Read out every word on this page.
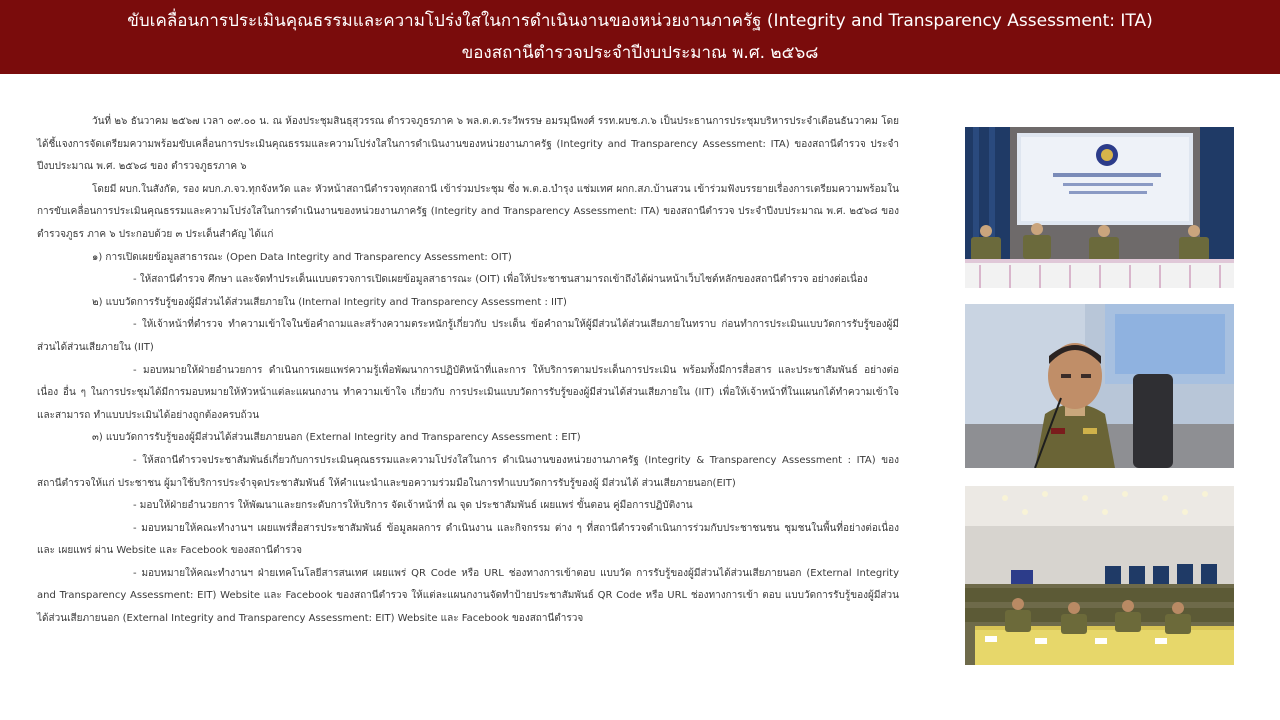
ขับเคลื่อนการประเมินคุณธรรมและความโปร่งใสในการดำเนินงานของหน่วยงานภาครัฐ (Integrity and Transparency Assessment: ITA)
ของสถานีตำรวจประจำปีงบประมาณ พ.ศ. ๒๕๖๘

วันที่ ๒๖ ธันวาคม ๒๕๖๗ เวลา ๐๙.๐๐ น. ณ ห้องประชุมสินธุสุวรรณ ตำรวจภูธรภาค ๖ พล.ต.ต.ระวีพรรษ อมรมุนีพงศ์ รรท.ผบช.ภ.๖ เป็นประธานการประชุมบริหารประจำเดือนธันวาคม โดยได้ชี้แจงการจัดเตรียมความพร้อมขับเคลื่อนการประเมินคุณธรรมและความโปร่งใสในการดำเนินงานของหน่วยงานภาครัฐ (Integrity and Transparency Assessment: ITA) ของสถานีตำรวจ ประจำปีงบประมาณ พ.ศ. ๒๕๖๘ ของ ตำรวจภูธรภาค ๖

โดยมี ผบก.ในสังกัด, รอง ผบก.ภ.จว.ทุกจังหวัด และ หัวหน้าสถานีตำรวจทุกสถานี เข้าร่วมประชุม ซึ่ง พ.ต.อ.บำรุง แช่มเทศ ผกก.สภ.บ้านสวน เข้าร่วมฟังบรรยายเรื่องการเตรียมความพร้อมในการขับเคลื่อนการประเมินคุณธรรมและความโปร่งใสในการดำเนินงานของหน่วยงานภาครัฐ (Integrity and Transparency Assessment: ITA) ของสถานีตำรวจ ประจำปีงบประมาณ พ.ศ. ๒๕๖๘ ของตำรวจภูธร ภาค ๖ ประกอบด้วย ๓ ประเด็นสำคัญ ได้แก่

๑) การเปิดเผยข้อมูลสาธารณะ (Open Data Integrity and Transparency Assessment: OIT)

- ให้สถานีตำรวจ ศึกษา และจัดทำประเด็นแบบตรวจการเปิดเผยข้อมูลสาธารณะ (OIT) เพื่อให้ประชาชนสามารถเข้าถึงได้ผ่านหน้าเว็บไซต์หลักของสถานีตำรวจ อย่างต่อเนื่อง

๒) แบบวัดการรับรู้ของผู้มีส่วนได้ส่วนเสียภายใน (Internal Integrity and Transparency Assessment : IIT)

- ให้เจ้าหน้าที่ตำรวจ ทำความเข้าใจในข้อคำถามและสร้างความตระหนักรู้เกี่ยวกับ ประเด็น ข้อคำถามให้ผู้มีส่วนได้ส่วนเสียภายในทราบ ก่อนทำการประเมินแบบวัดการรับรู้ของผู้มีส่วนได้ส่วนเสียภายใน (IIT)

- มอบหมายให้ฝ่ายอำนวยการ ดำเนินการเผยแพร่ความรู้เพื่อพัฒนาการปฏิบัติหน้าที่และการ ให้บริการตามประเด็นการประเมิน พร้อมทั้งมีการสื่อสาร และประชาสัมพันธ์ อย่างต่อเนื่อง อื่น ๆ ในการประชุมได้มีการมอบหมายให้หัวหน้าแต่ละแผนกงาน ทำความเข้าใจ เกี่ยวกับ การประเมินแบบวัดการรับรู้ของผู้มีส่วนได้ส่วนเสียภายใน (IIT) เพื่อให้เจ้าหน้าที่ในแผนกได้ทำความเข้าใจ และสามารถ ทำแบบประเมินได้อย่างถูกต้องครบถ้วน

๓) แบบวัดการรับรู้ของผู้มีส่วนได้ส่วนเสียภายนอก (External Integrity and Transparency Assessment : EIT)

- ให้สถานีตำรวจประชาสัมพันธ์เกี่ยวกับการประเมินคุณธรรมและความโปร่งใสในการ ดำเนินงานของหน่วยงานภาครัฐ (Integrity & Transparency Assessment : ITA) ของสถานีตำรวจให้แก่ ประชาชน ผู้มาใช้บริการประจำจุดประชาสัมพันธ์ ให้คำแนะนำและขอความร่วมมือในการทำแบบวัดการรับรู้ของผู้ มีส่วนได้ ส่วนเสียภายนอก(EIT)

- มอบให้ฝ่ายอำนวยการ ให้พัฒนาและยกระดับการให้บริการ จัดเจ้าหน้าที่ ณ จุด ประชาสัมพันธ์ เผยแพร่ ขั้นตอน คู่มือการปฏิบัติงาน

- มอบหมายให้คณะทำงานฯ เผยแพร่สื่อสารประชาสัมพันธ์ ข้อมูลผลการ ดำเนินงาน และกิจกรรม ต่าง ๆ ที่สถานีตำรวจดำเนินการร่วมกับประชาชนชน ชุมชนในพื้นที่อย่างต่อเนื่อง และ เผยแพร่ ผ่าน Website และ Facebook ของสถานีตำรวจ

- มอบหมายให้คณะทำงานฯ ฝ่ายเทคโนโลยีสารสนเทศ เผยแพร่ QR Code หรือ URL ช่องทางการเข้าตอบ แบบวัด การรับรู้ของผู้มีส่วนได้ส่วนเสียภายนอก (External Integrity and Transparency Assessment: EIT) Website และ Facebook ของสถานีตำรวจ ให้แต่ละแผนกงานจัดทำป้ายประชาสัมพันธ์ QR Code หรือ URL ช่องทางการเข้า ตอบ แบบวัดการรับรู้ของผู้มีส่วนได้ส่วนเสียภายนอก (External Integrity and Transparency Assessment: EIT) Website และ Facebook ของสถานีตำรวจ
